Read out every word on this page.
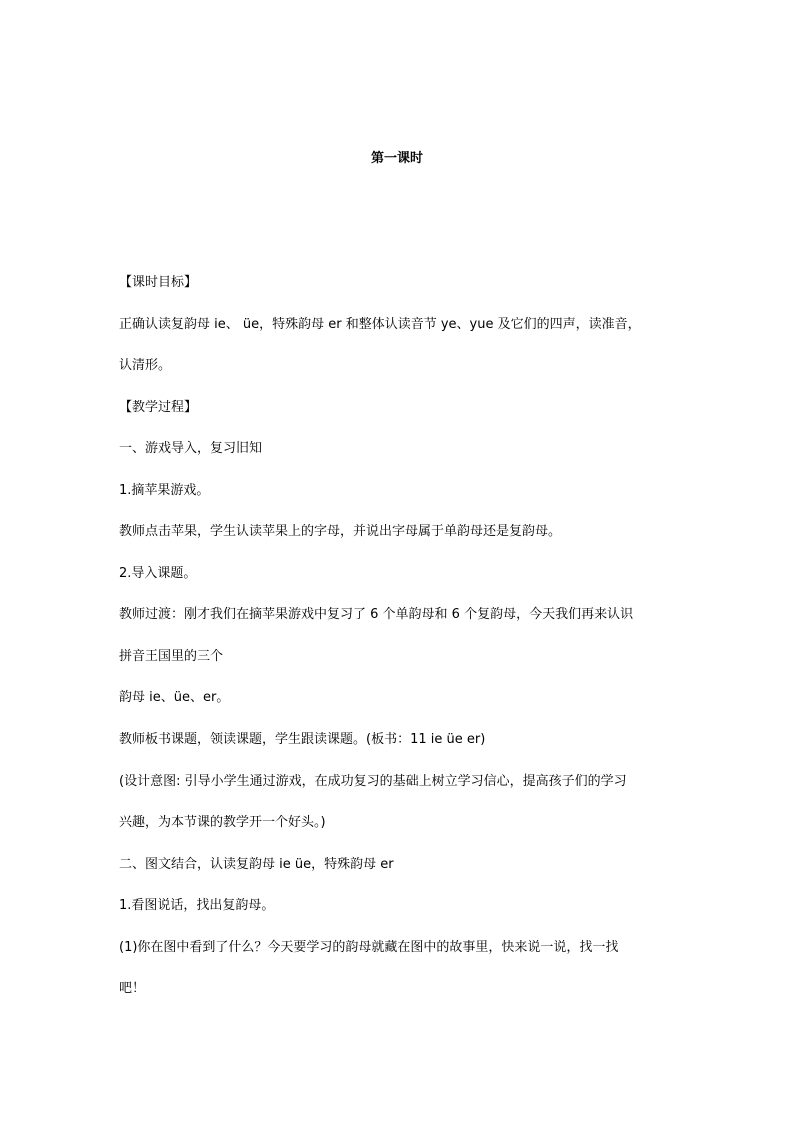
第一课时
【课时目标】
正确认读复韵母 ie、 üe，特殊韵母 er 和整体认读音节 ye、yue 及它们的四声，读准音，
认清形。
【教学过程】
一、游戏导入，复习旧知
1.摘苹果游戏。
教师点击苹果，学生认读苹果上的字母，并说出字母属于单韵母还是复韵母。
2.导入课题。
教师过渡：刚才我们在摘苹果游戏中复习了 6 个单韵母和 6 个复韵母，今天我们再来认识
拼音王国里的三个
韵母 ie、üe、er。
教师板书课题，领读课题，学生跟读课题。(板书：11 ie üe er)
(设计意图: 引导小学生通过游戏，在成功复习的基础上树立学习信心，提高孩子们的学习
兴趣，为本节课的教学开一个好头。)
二、图文结合，认读复韵母 ie üe，特殊韵母 er
1.看图说话，找出复韵母。
(1)你在图中看到了什么？今天要学习的韵母就藏在图中的故事里，快来说一说，找一找
吧！
